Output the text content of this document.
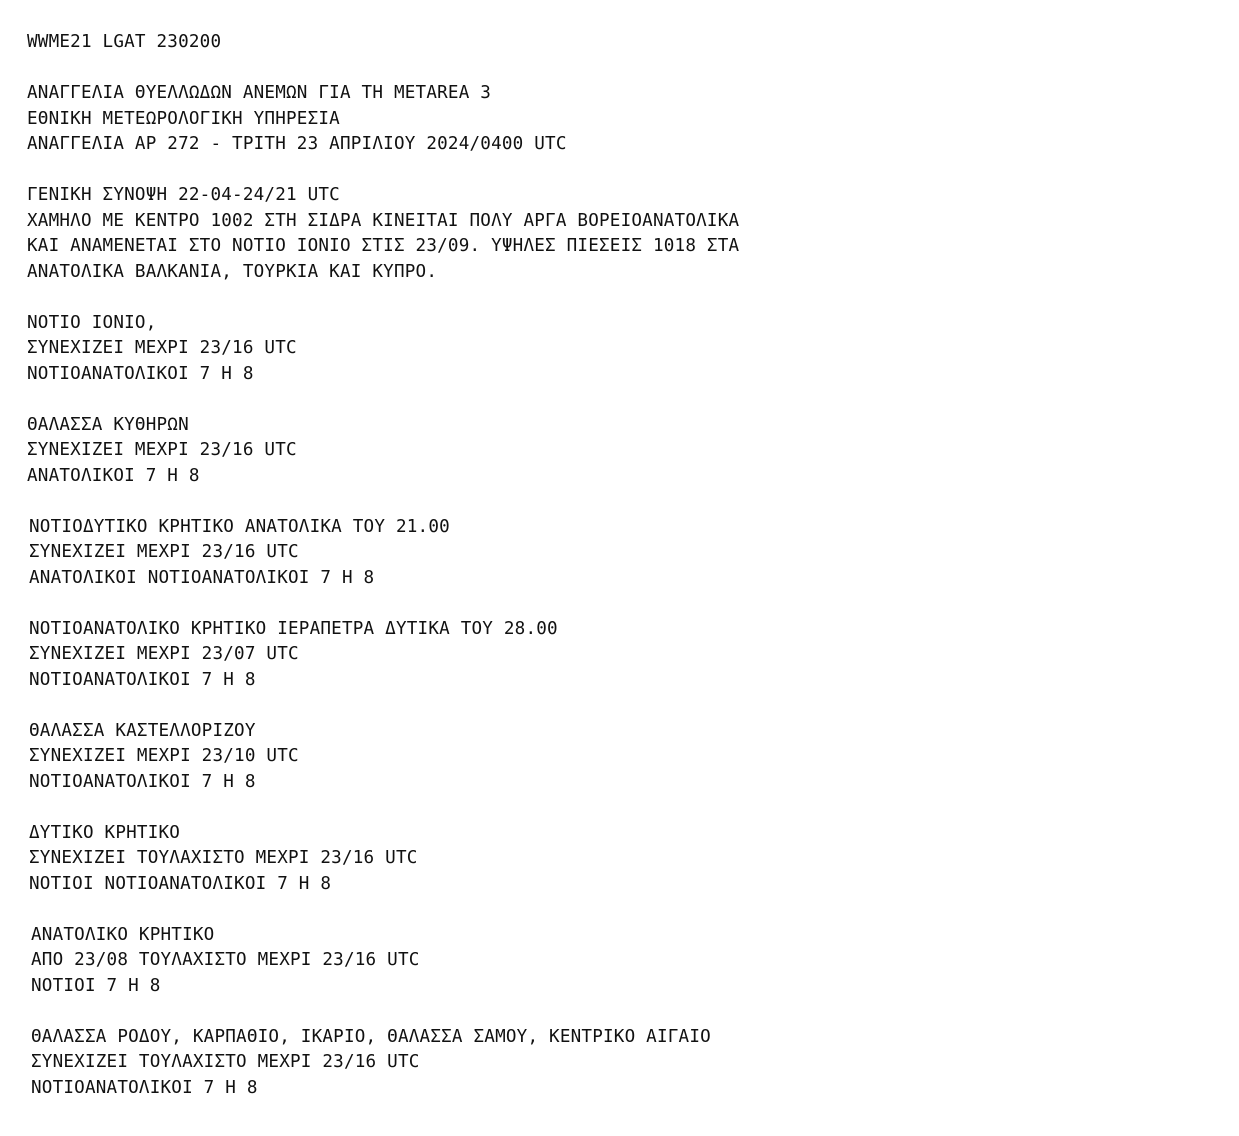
WWME21 LGAT 230200
ΑΝΑΓΓΕΛΙΑ ΘΥΕΛΛΩΔΩΝ ΑΝΕΜΩΝ ΓΙΑ ΤΗ METAREA 3
ΕΘΝΙΚΗ ΜΕΤΕΩΡΟΛΟΓΙΚΗ ΥΠΗΡΕΣΙΑ
ΑΝΑΓΓΕΛΙΑ ΑΡ 272 - ΤΡΙΤΗ 23 ΑΠΡΙΛΙΟΥ 2024/0400 UTC
ΓΕΝΙΚΗ ΣΥΝΟΨΗ 22-04-24/21 UTC
ΧΑΜΗΛΟ ΜΕ ΚΕΝΤΡΟ 1002 ΣΤΗ ΣΙΔΡΑ ΚΙΝΕΙΤΑΙ ΠΟΛΥ ΑΡΓΑ ΒΟΡΕΙΟΑΝΑΤΟΛΙΚΑ
ΚΑΙ ΑΝΑΜΕΝΕΤΑΙ ΣΤΟ ΝΟΤΙΟ ΙΟΝΙΟ ΣΤΙΣ 23/09. ΥΨΗΛΕΣ ΠΙΕΣΕΙΣ 1018 ΣΤΑ
ΑΝΑΤΟΛΙΚΑ ΒΑΛΚΑΝΙΑ, ΤΟΥΡΚΙΑ ΚΑΙ ΚΥΠΡΟ.
ΝΟΤΙΟ ΙΟΝΙΟ,
ΣΥΝΕΧΙΖΕΙ ΜΕΧΡΙ 23/16 UTC
ΝΟΤΙΟΑΝΑΤΟΛΙΚΟΙ 7 Η 8
ΘΑΛΑΣΣΑ ΚΥΘΗΡΩΝ
ΣΥΝΕΧΙΖΕΙ ΜΕΧΡΙ 23/16 UTC
ΑΝΑΤΟΛΙΚΟΙ 7 Η 8
ΝΟΤΙΟΔΥΤΙΚΟ ΚΡΗΤΙΚΟ ΑΝΑΤΟΛΙΚΑ ΤΟΥ 21.00
ΣΥΝΕΧΙΖΕΙ ΜΕΧΡΙ 23/16 UTC
ΑΝΑΤΟΛΙΚΟΙ ΝΟΤΙΟΑΝΑΤΟΛΙΚΟΙ 7 Η 8
ΝΟΤΙΟΑΝΑΤΟΛΙΚΟ ΚΡΗΤΙΚΟ ΙΕΡΑΠΕΤΡΑ ΔΥΤΙΚΑ ΤΟΥ 28.00
ΣΥΝΕΧΙΖΕΙ ΜΕΧΡΙ 23/07 UTC
ΝΟΤΙΟΑΝΑΤΟΛΙΚΟΙ 7 Η 8
ΘΑΛΑΣΣΑ ΚΑΣΤΕΛΛΟΡΙΖΟΥ
ΣΥΝΕΧΙΖΕΙ ΜΕΧΡΙ 23/10 UTC
ΝΟΤΙΟΑΝΑΤΟΛΙΚΟΙ 7 Η 8
ΔΥΤΙΚΟ ΚΡΗΤΙΚΟ
ΣΥΝΕΧΙΖΕΙ ΤΟΥΛΑΧΙΣΤΟ ΜΕΧΡΙ 23/16 UTC
ΝΟΤΙΟΙ ΝΟΤΙΟΑΝΑΤΟΛΙΚΟΙ 7 Η 8
ΑΝΑΤΟΛΙΚΟ ΚΡΗΤΙΚΟ
ΑΠΟ 23/08 ΤΟΥΛΑΧΙΣΤΟ ΜΕΧΡΙ 23/16 UTC
ΝΟΤΙΟΙ 7 Η 8
ΘΑΛΑΣΣΑ ΡΟΔΟΥ, ΚΑΡΠΑΘΙΟ, ΙΚΑΡΙΟ, ΘΑΛΑΣΣΑ ΣΑΜΟΥ, ΚΕΝΤΡΙΚΟ ΑΙΓΑΙΟ
ΣΥΝΕΧΙΖΕΙ ΤΟΥΛΑΧΙΣΤΟ ΜΕΧΡΙ 23/16 UTC
ΝΟΤΙΟΑΝΑΤΟΛΙΚΟΙ 7 Η 8
